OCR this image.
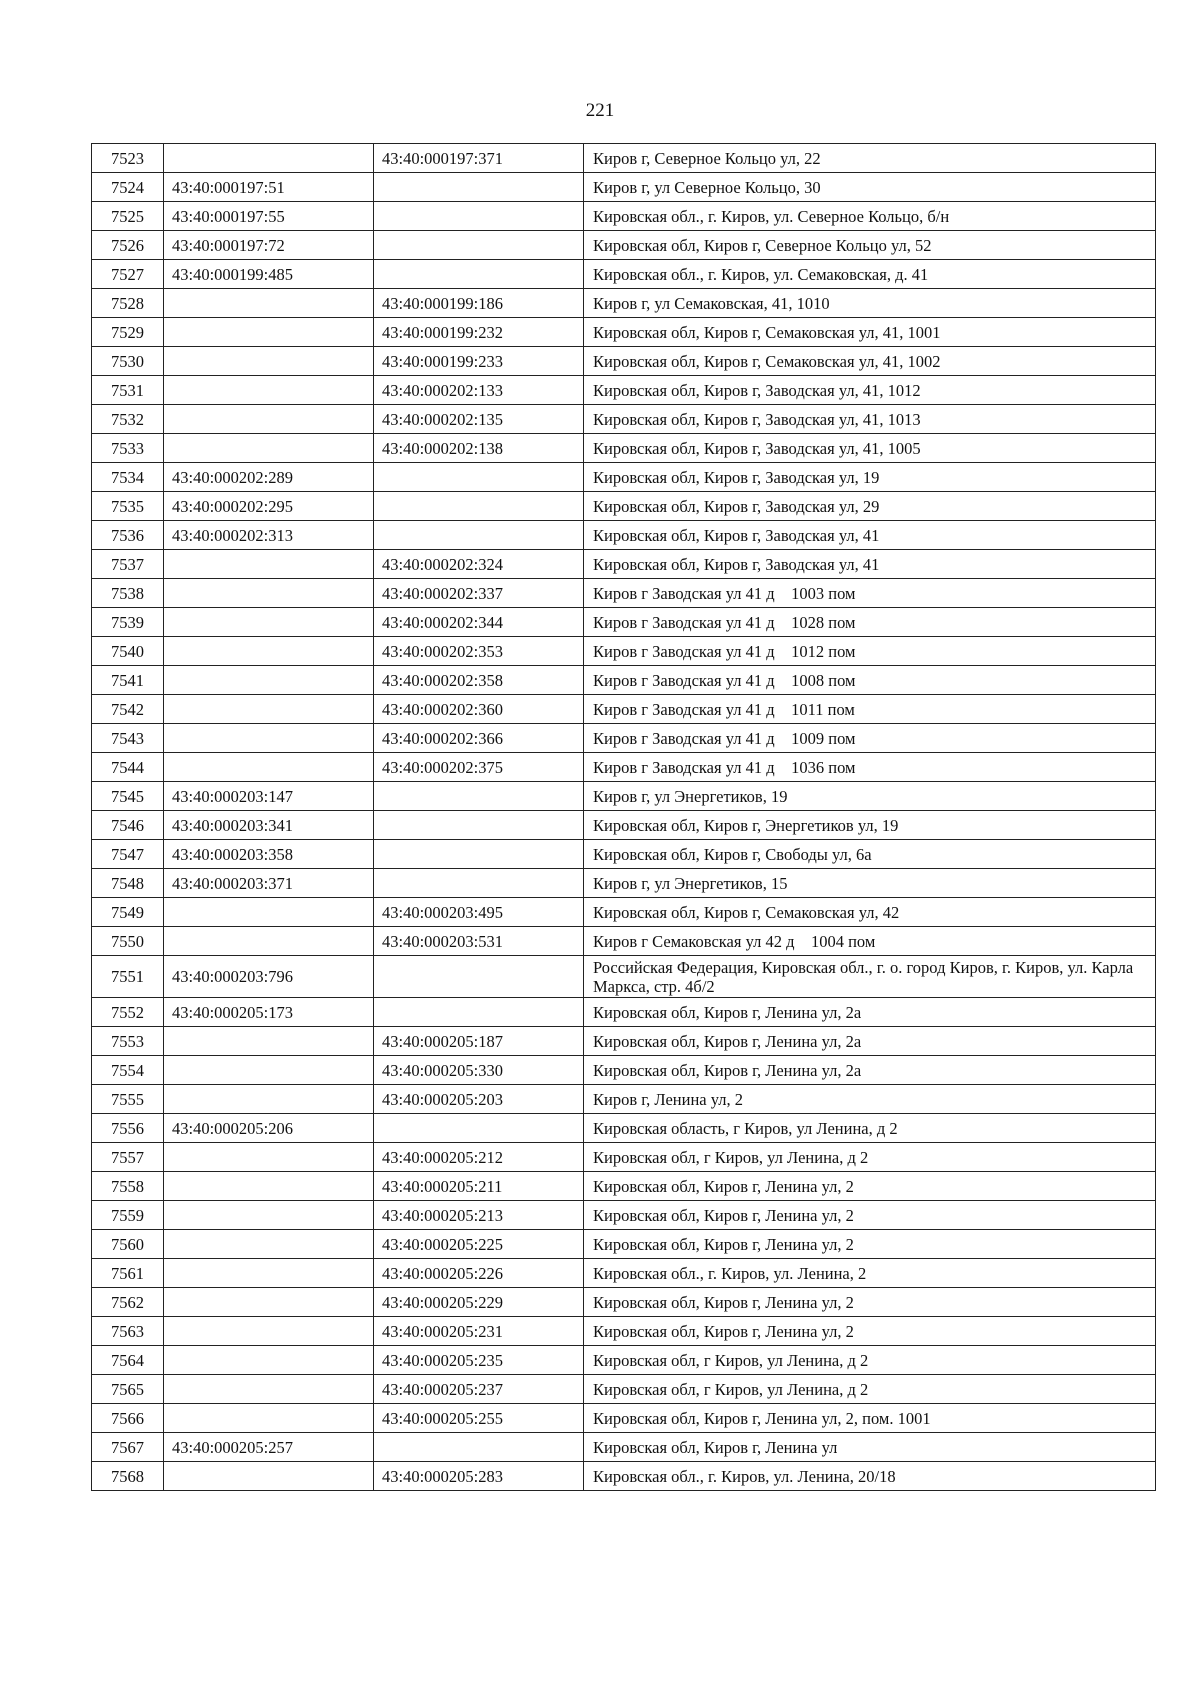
221
7523		43:40:000197:371	Киров г, Северное Кольцо ул, 22
7524	43:40:000197:51		Киров г, ул Северное Кольцо, 30
7525	43:40:000197:55		Кировская обл., г. Киров, ул. Северное Кольцо, б/н
7526	43:40:000197:72		Кировская обл, Киров г, Северное Кольцо ул, 52
7527	43:40:000199:485		Кировская обл., г. Киров, ул. Семаковская, д. 41
7528		43:40:000199:186	Киров г, ул Семаковская, 41, 1010
7529		43:40:000199:232	Кировская обл, Киров г, Семаковская ул, 41, 1001
7530		43:40:000199:233	Кировская обл, Киров г, Семаковская ул, 41, 1002
7531		43:40:000202:133	Кировская обл, Киров г, Заводская ул, 41, 1012
7532		43:40:000202:135	Кировская обл, Киров г, Заводская ул, 41, 1013
7533		43:40:000202:138	Кировская обл, Киров г, Заводская ул, 41, 1005
7534	43:40:000202:289		Кировская обл, Киров г, Заводская ул, 19
7535	43:40:000202:295		Кировская обл, Киров г, Заводская ул, 29
7536	43:40:000202:313		Кировская обл, Киров г, Заводская ул, 41
7537		43:40:000202:324	Кировская обл, Киров г, Заводская ул, 41
7538		43:40:000202:337	Киров г Заводская ул 41 д    1003 пом
7539		43:40:000202:344	Киров г Заводская ул 41 д    1028 пом
7540		43:40:000202:353	Киров г Заводская ул 41 д    1012 пом
7541		43:40:000202:358	Киров г Заводская ул 41 д    1008 пом
7542		43:40:000202:360	Киров г Заводская ул 41 д    1011 пом
7543		43:40:000202:366	Киров г Заводская ул 41 д    1009 пом
7544		43:40:000202:375	Киров г Заводская ул 41 д    1036 пом
7545	43:40:000203:147		Киров г, ул Энергетиков, 19
7546	43:40:000203:341		Кировская обл, Киров г, Энергетиков ул, 19
7547	43:40:000203:358		Кировская обл, Киров г, Свободы ул, 6а
7548	43:40:000203:371		Киров г, ул Энергетиков, 15
7549		43:40:000203:495	Кировская обл, Киров г, Семаковская ул, 42
7550		43:40:000203:531	Киров г Семаковская ул 42 д    1004 пом
7551	43:40:000203:796		Российская Федерация, Кировская обл., г. о. город Киров, г. Киров, ул. Карла Маркса, стр. 4б/2
7552	43:40:000205:173		Кировская обл, Киров г, Ленина ул, 2а
7553		43:40:000205:187	Кировская обл, Киров г, Ленина ул, 2а
7554		43:40:000205:330	Кировская обл, Киров г, Ленина ул, 2а
7555		43:40:000205:203	Киров г, Ленина ул, 2
7556	43:40:000205:206		Кировская область, г Киров, ул Ленина, д 2
7557		43:40:000205:212	Кировская обл, г Киров, ул Ленина, д 2
7558		43:40:000205:211	Кировская обл, Киров г, Ленина ул, 2
7559		43:40:000205:213	Кировская обл, Киров г, Ленина ул, 2
7560		43:40:000205:225	Кировская обл, Киров г, Ленина ул, 2
7561		43:40:000205:226	Кировская обл., г. Киров, ул. Ленина, 2
7562		43:40:000205:229	Кировская обл, Киров г, Ленина ул, 2
7563		43:40:000205:231	Кировская обл, Киров г, Ленина ул, 2
7564		43:40:000205:235	Кировская обл, г Киров, ул Ленина, д 2
7565		43:40:000205:237	Кировская обл, г Киров, ул Ленина, д 2
7566		43:40:000205:255	Кировская обл, Киров г, Ленина ул, 2, пом. 1001
7567	43:40:000205:257		Кировская обл, Киров г, Ленина ул
7568		43:40:000205:283	Кировская обл., г. Киров, ул. Ленина, 20/18
